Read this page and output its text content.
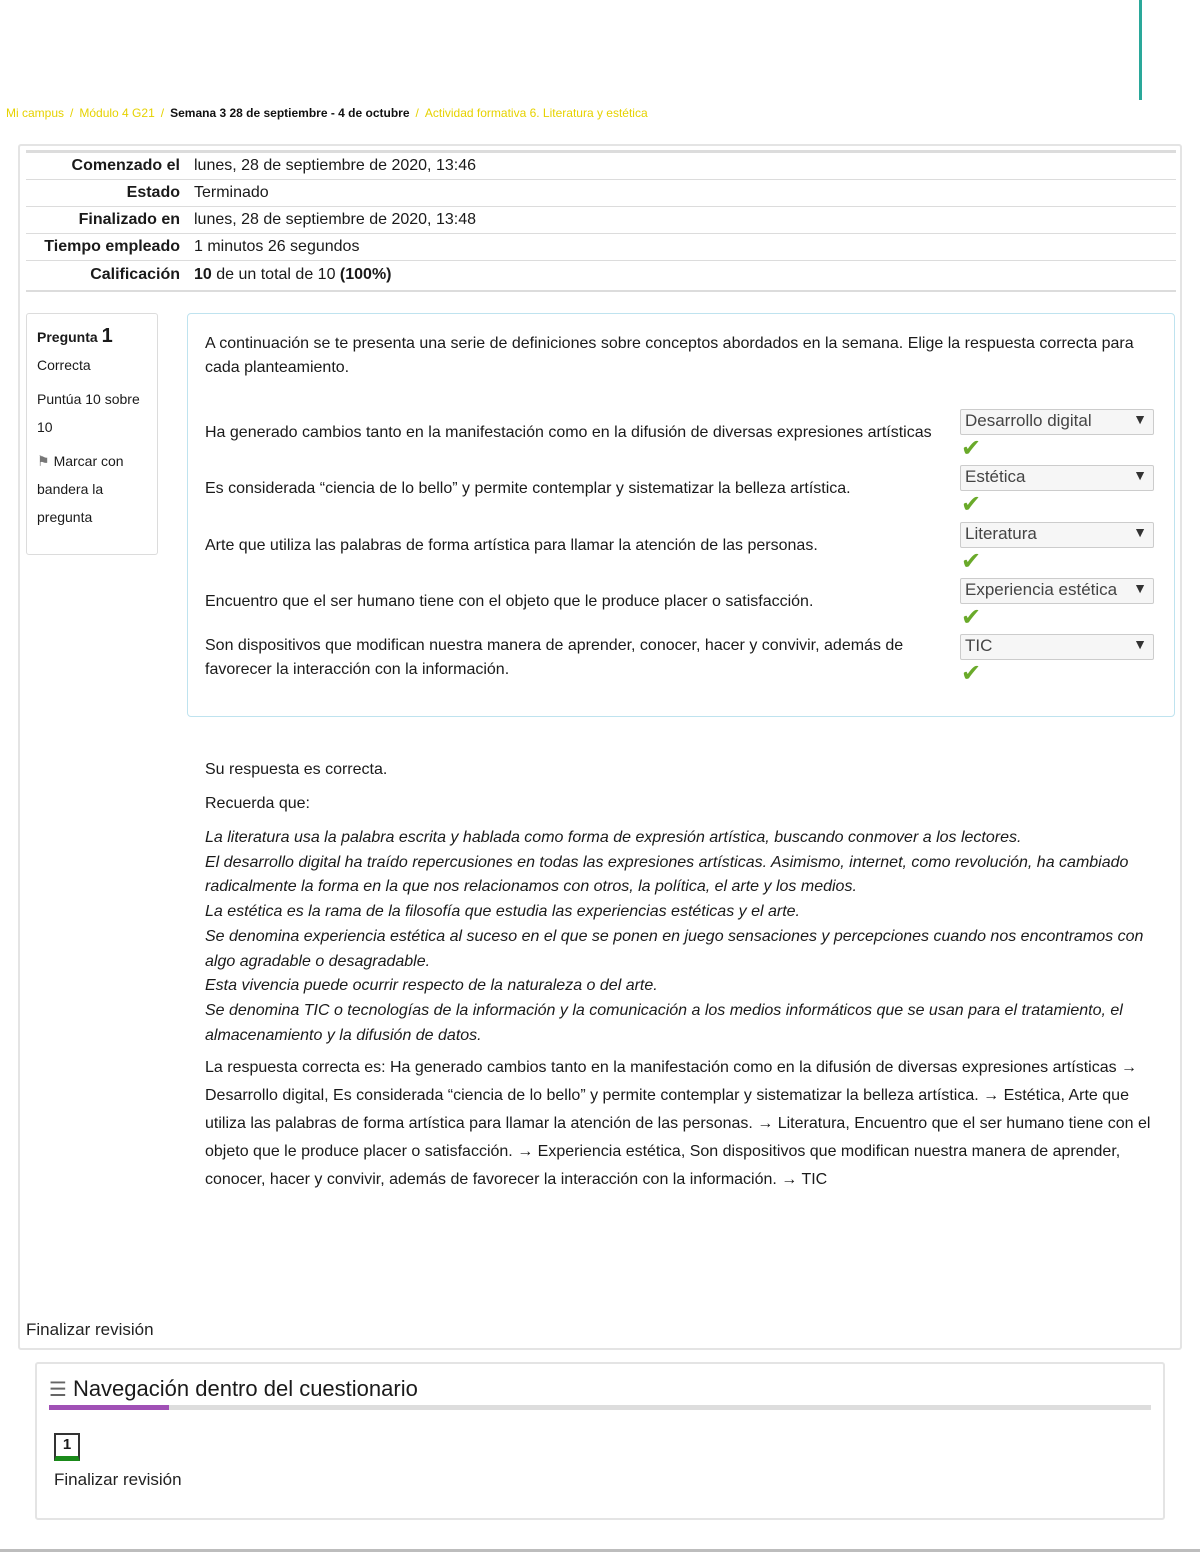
Mi campus / Módulo 4 G21 / Semana 3 28 de septiembre - 4 de octubre / Actividad formativa 6. Literatura y estética
Comenzado el	lunes, 28 de septiembre de 2020, 13:46
Estado	Terminado
Finalizado en	lunes, 28 de septiembre de 2020, 13:48
Tiempo empleado	1 minutos 26 segundos
Calificación	10 de un total de 10 (100%)
Pregunta 1
Correcta
Puntúa 10 sobre 10
⚑ Marcar con bandera la pregunta
A continuación se te presenta una serie de definiciones sobre conceptos abordados en la semana. Elige la respuesta correcta para cada planteamiento.
Ha generado cambios tanto en la manifestación como en la difusión de diversas expresiones artísticas
Desarrollo digital	▼
✔
Es considerada “ciencia de lo bello” y permite contemplar y sistematizar la belleza artística.
Estética	▼
✔
Arte que utiliza las palabras de forma artística para llamar la atención de las personas.
Literatura	▼
✔
Encuentro que el ser humano tiene con el objeto que le produce placer o satisfacción.
Experiencia estética ▼
✔
Son dispositivos que modifican nuestra manera de aprender, conocer, hacer y convivir, además de favorecer la interacción con la información.
TIC	▼
✔

Su respuesta es correcta.

Recuerda que:

La literatura usa la palabra escrita y hablada como forma de expresión artística, buscando conmover a los lectores.
El desarrollo digital ha traído repercusiones en todas las expresiones artísticas. Asimismo, internet, como revolución, ha cambiado radicalmente la forma en la que nos relacionamos con otros, la política, el arte y los medios.
La estética es la rama de la filosofía que estudia las experiencias estéticas y el arte.
Se denomina experiencia estética al suceso en el que se ponen en juego sensaciones y percepciones cuando nos encontramos con algo agradable o desagradable.
Esta vivencia puede ocurrir respecto de la naturaleza o del arte.
Se denomina TIC o tecnologías de la información y la comunicación a los medios informáticos que se usan para el tratamiento, el almacenamiento y la difusión de datos.
La respuesta correcta es: Ha generado cambios tanto en la manifestación como en la difusión de diversas expresiones artísticas → Desarrollo digital, Es considerada “ciencia de lo bello” y permite contemplar y sistematizar la belleza artística. → Estética, Arte que utiliza las palabras de forma artística para llamar la atención de las personas. → Literatura, Encuentro que el ser humano tiene con el objeto que le produce placer o satisfacción. → Experiencia estética, Son dispositivos que modifican nuestra manera de aprender, conocer, hacer y convivir, además de favorecer la interacción con la información. → TIC
Finalizar revisión
☰ Navegación dentro del cuestionario
1
Finalizar revisión
